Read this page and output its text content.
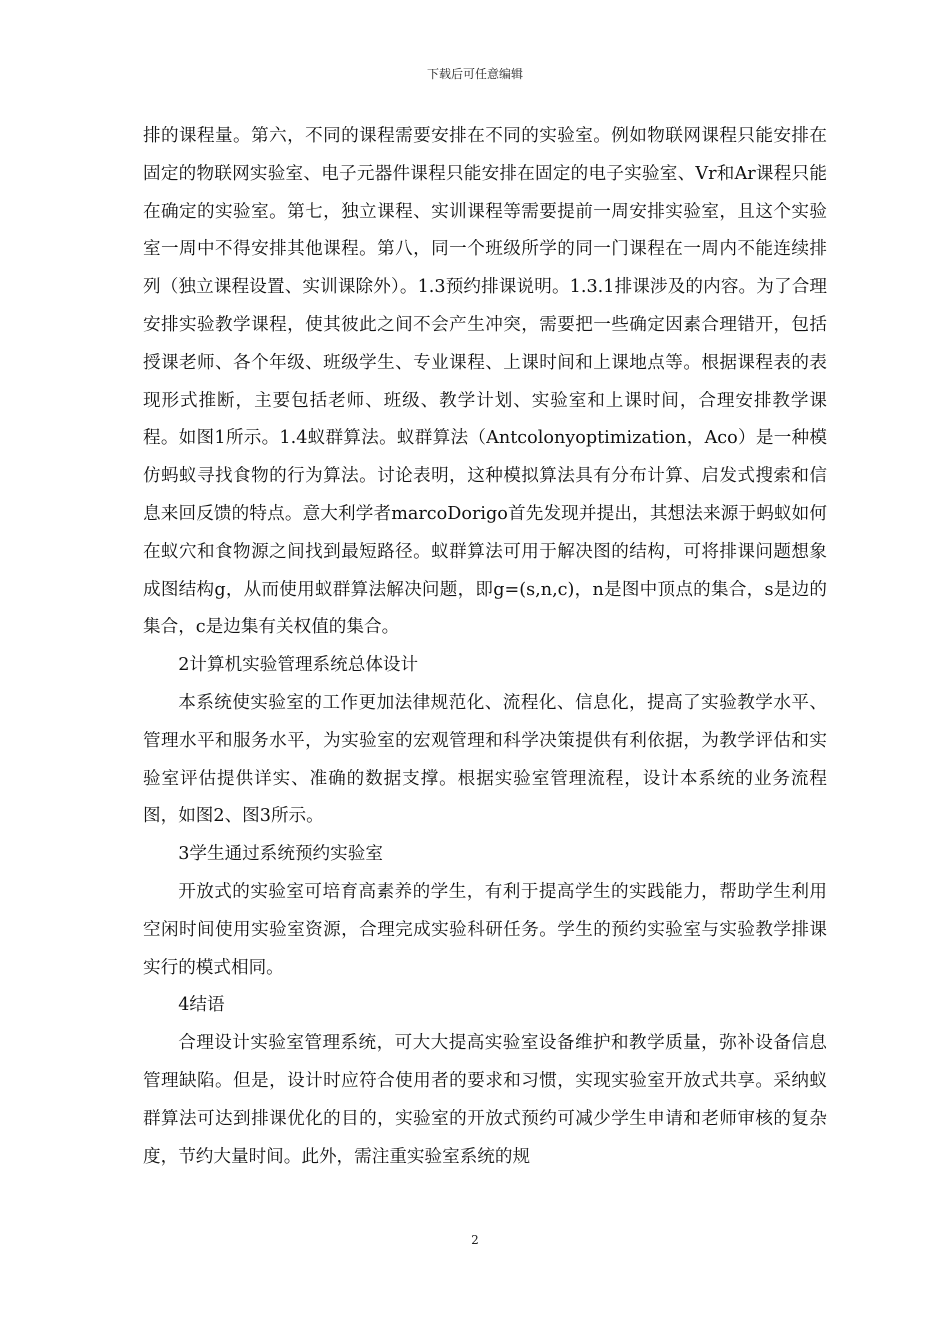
下载后可任意编辑

排的课程量。第六，不同的课程需要安排在不同的实验室。例如物联网课程只能安排在固定的物联网实验室、电子元器件课程只能安排在固定的电子实验室、Vr和Ar课程只能在确定的实验室。第七，独立课程、实训课程等需要提前一周安排实验室，且这个实验室一周中不得安排其他课程。第八，同一个班级所学的同一门课程在一周内不能连续排列（独立课程设置、实训课除外）。1.3预约排课说明。1.3.1排课涉及的内容。为了合理安排实验教学课程，使其彼此之间不会产生冲突，需要把一些确定因素合理错开，包括授课老师、各个年级、班级学生、专业课程、上课时间和上课地点等。根据课程表的表现形式推断，主要包括老师、班级、教学计划、实验室和上课时间，合理安排教学课程。如图1所示。1.4蚁群算法。蚁群算法（Antcolonyoptimization，Aco）是一种模仿蚂蚁寻找食物的行为算法。讨论表明，这种模拟算法具有分布计算、启发式搜索和信息来回反馈的特点。意大利学者marcoDorigo首先发现并提出，其想法来源于蚂蚁如何在蚁穴和食物源之间找到最短路径。蚁群算法可用于解决图的结构，可将排课问题想象成图结构g，从而使用蚁群算法解决问题，即g=(s,n,c)，n是图中顶点的集合，s是边的集合，c是边集有关权值的集合。

2计算机实验管理系统总体设计

本系统使实验室的工作更加法律规范化、流程化、信息化，提高了实验教学水平、管理水平和服务水平，为实验室的宏观管理和科学决策提供有利依据，为教学评估和实验室评估提供详实、准确的数据支撑。根据实验室管理流程，设计本系统的业务流程图，如图2、图3所示。

3学生通过系统预约实验室

开放式的实验室可培育高素养的学生，有利于提高学生的实践能力，帮助学生利用空闲时间使用实验室资源，合理完成实验科研任务。学生的预约实验室与实验教学排课实行的模式相同。

4结语

合理设计实验室管理系统，可大大提高实验室设备维护和教学质量，弥补设备信息管理缺陷。但是，设计时应符合使用者的要求和习惯，实现实验室开放式共享。采纳蚁群算法可达到排课优化的目的，实验室的开放式预约可减少学生申请和老师审核的复杂度，节约大量时间。此外，需注重实验室系统的规

2
